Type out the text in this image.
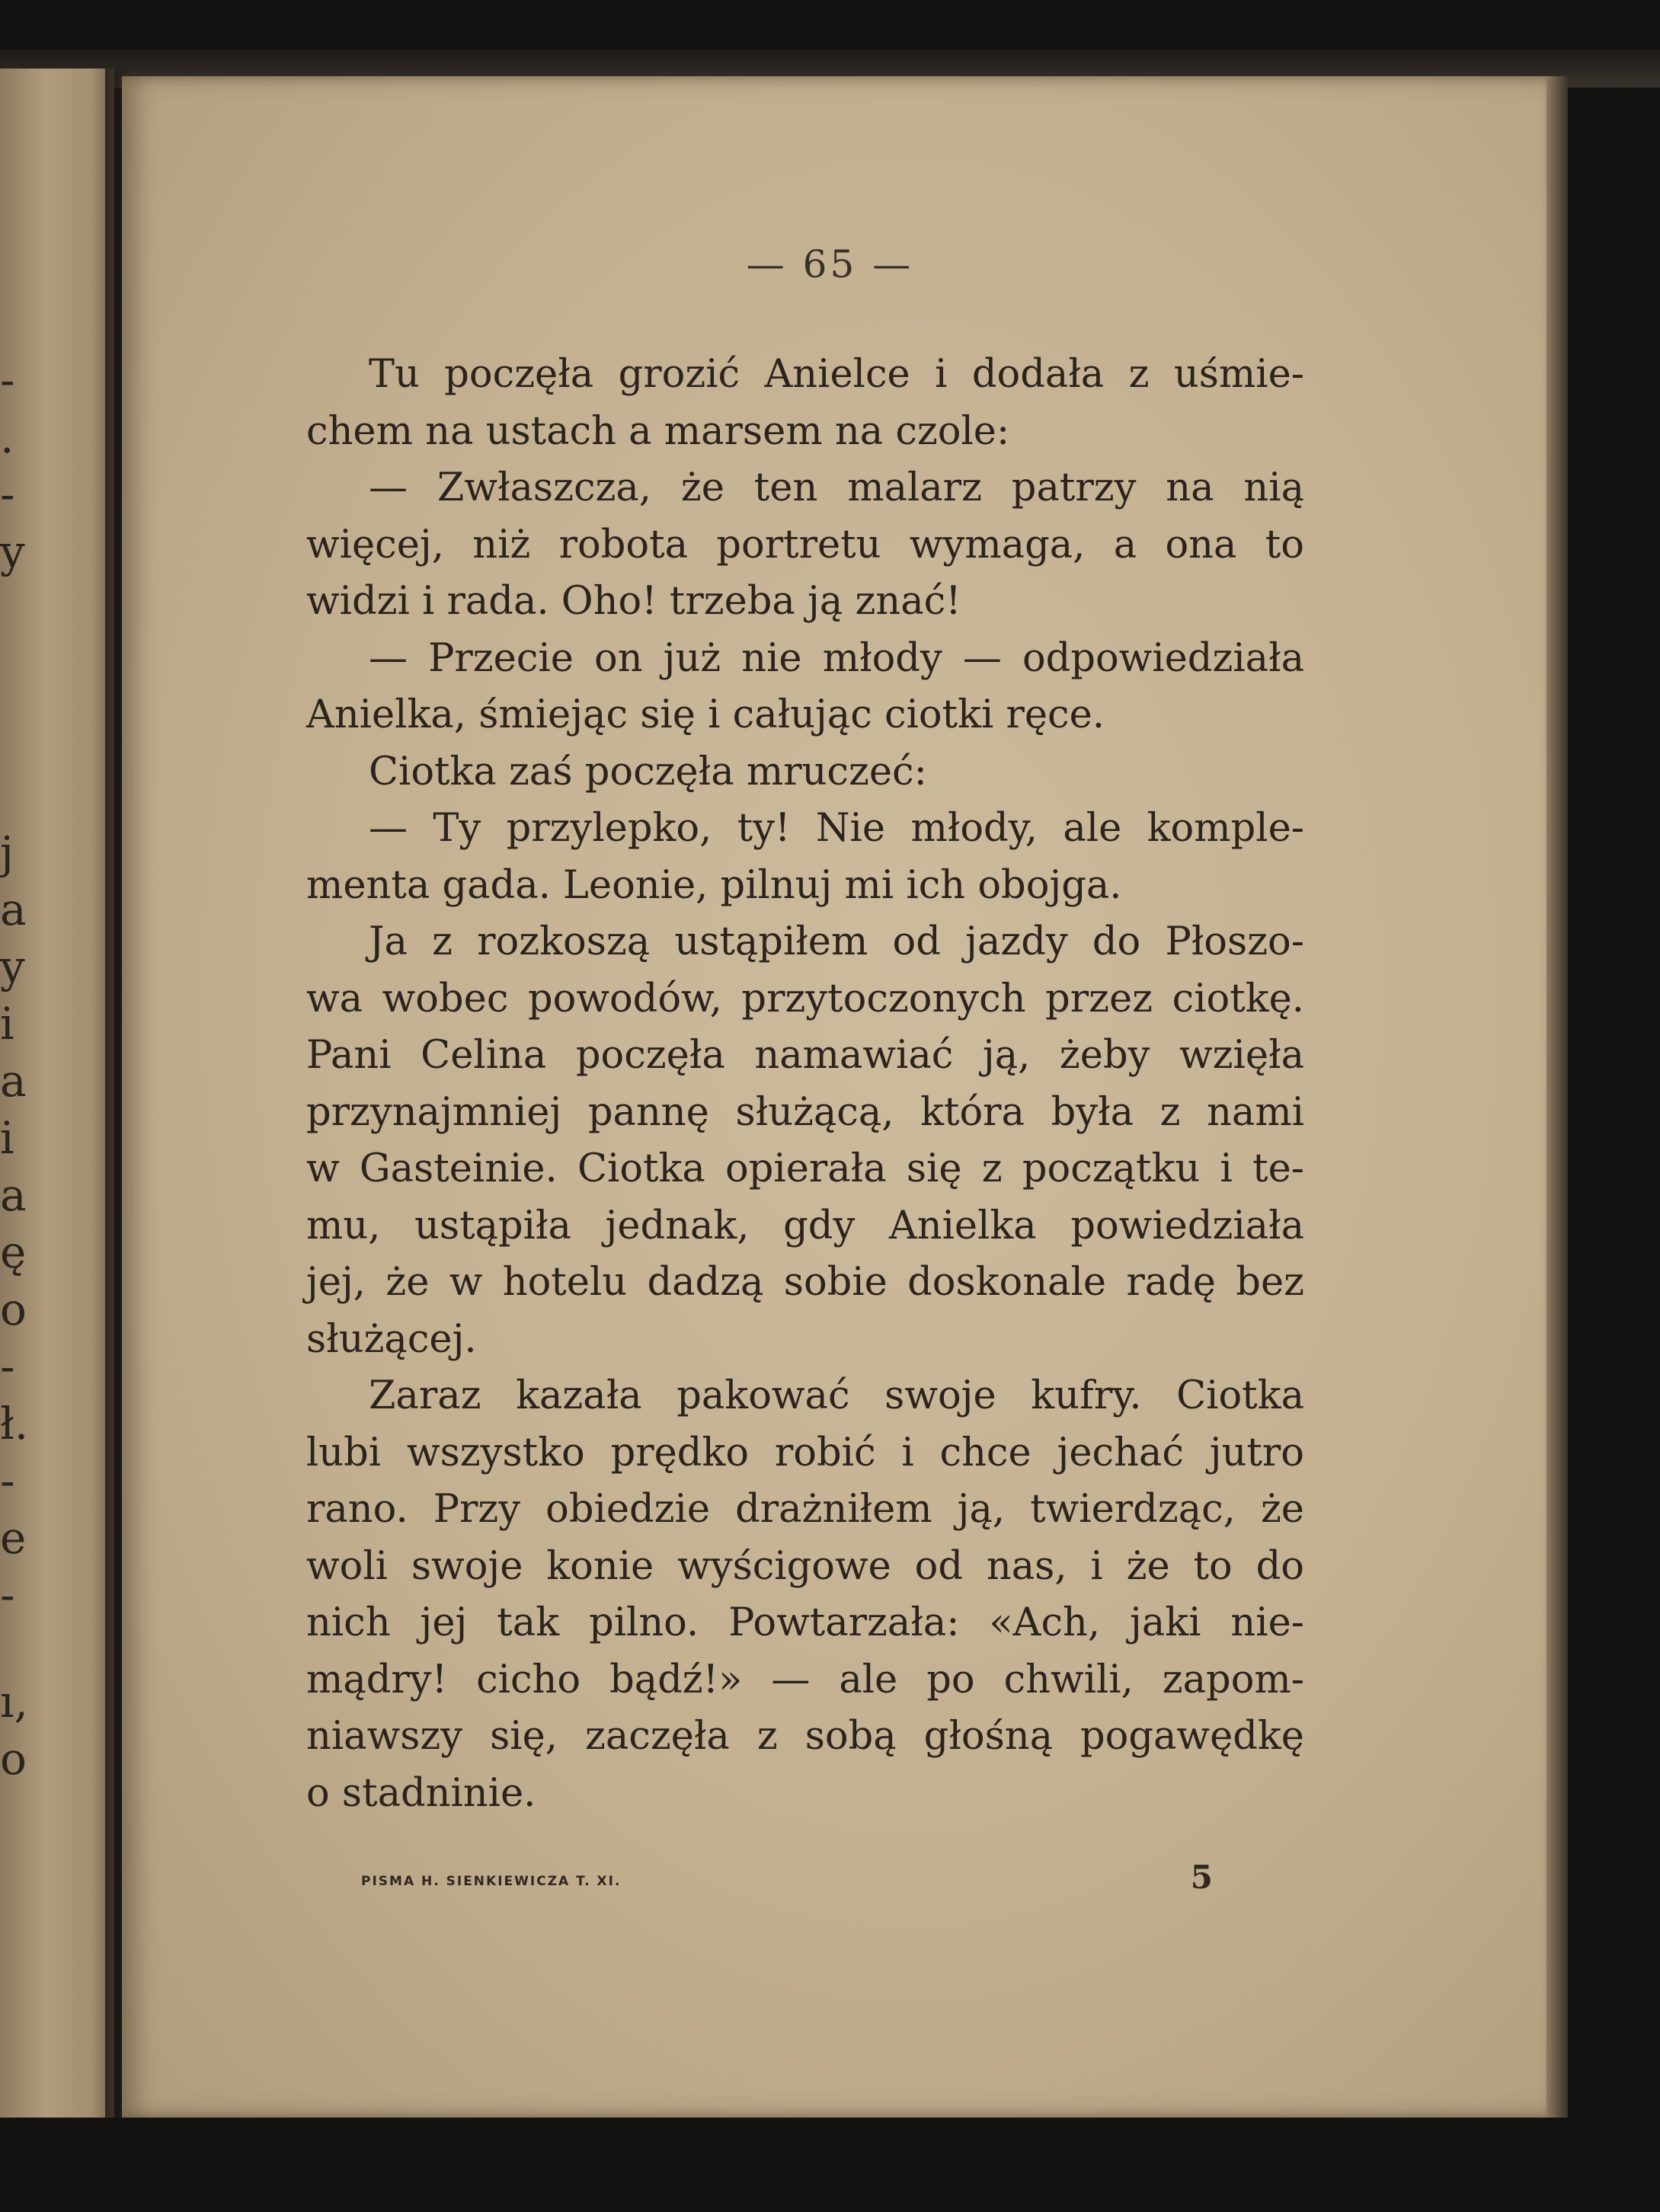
-
.
-
y
j
a
y
i
a
i
a
ę
o
-
ł.
-
e
-
ı,
o
— 65 —
Tu poczęła grozić Anielce i dodała z uśmie-
chem na ustach a marsem na czole:
— Zwłaszcza, że ten malarz patrzy na nią
więcej, niż robota portretu wymaga, a ona to
widzi i rada. Oho! trzeba ją znać!
— Przecie on już nie młody — odpowiedziała
Anielka, śmiejąc się i całując ciotki ręce.
Ciotka zaś poczęła mruczeć:
— Ty przylepko, ty! Nie młody, ale komple-
menta gada. Leonie, pilnuj mi ich obojga.
Ja z rozkoszą ustąpiłem od jazdy do Płoszo-
wa wobec powodów, przytoczonych przez ciotkę.
Pani Celina poczęła namawiać ją, żeby wzięła
przynajmniej pannę służącą, która była z nami
w Gasteinie. Ciotka opierała się z początku i te-
mu, ustąpiła jednak, gdy Anielka powiedziała
jej, że w hotelu dadzą sobie doskonale radę bez
służącej.
Zaraz kazała pakować swoje kufry. Ciotka
lubi wszystko prędko robić i chce jechać jutro
rano. Przy obiedzie drażniłem ją, twierdząc, że
woli swoje konie wyścigowe od nas, i że to do
nich jej tak pilno. Powtarzała: «Ach, jaki nie-
mądry! cicho bądź!» — ale po chwili, zapom-
niawszy się, zaczęła z sobą głośną pogawędkę
o stadninie.
PISMA H. SIENKIEWICZA T. XI.	5
